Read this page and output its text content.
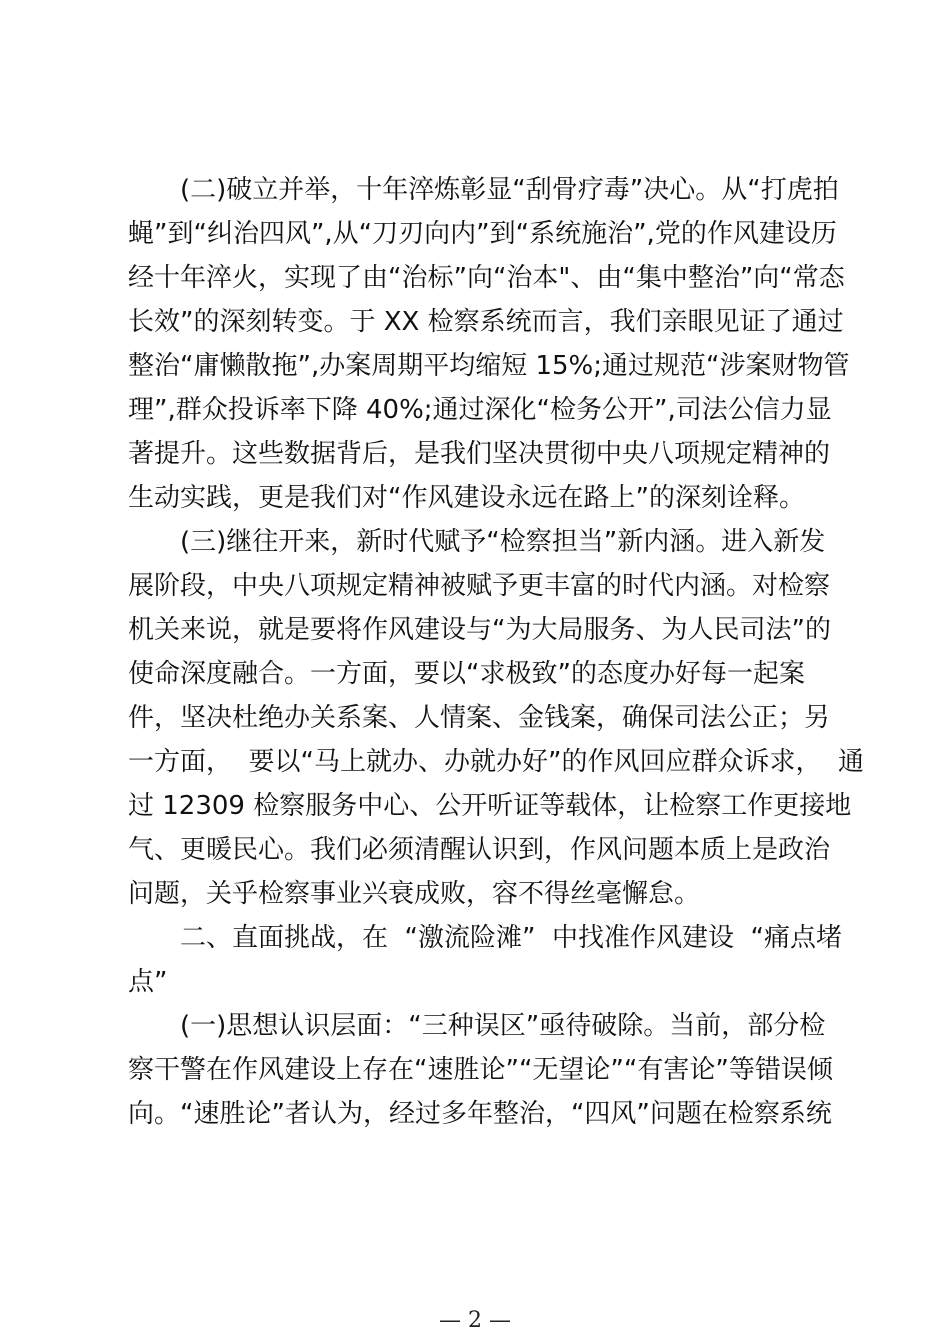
(二)破立并举，十年淬炼彰显“刮骨疗毒”决心。从“打虎拍
蝇”到“纠治四风”,从“刀刃向内”到“系统施治”,党的作风建设历
经十年淬火，实现了由“治标”向“治本"、由“集中整治”向“常态
长效”的深刻转变。于 XX 检察系统而言，我们亲眼见证了通过
整治“庸懒散拖”,办案周期平均缩短 15%;通过规范“涉案财物管
理”,群众投诉率下降 40%;通过深化“检务公开”,司法公信力显
著提升。这些数据背后，是我们坚决贯彻中央八项规定精神的
生动实践，更是我们对“作风建设永远在路上”的深刻诠释。
(三)继往开来，新时代赋予“检察担当”新内涵。进入新发
展阶段，中央八项规定精神被赋予更丰富的时代内涵。对检察
机关来说，就是要将作风建设与“为大局服务、为人民司法”的
使命深度融合。一方面，要以“求极致”的态度办好每一起案
件，坚决杜绝办关系案、人情案、金钱案，确保司法公正；另
一方面，  要以“马上就办、办就办好”的作风回应群众诉求，  通
过 12309 检察服务中心、公开听证等载体，让检察工作更接地
气、更暖民心。我们必须清醒认识到，作风问题本质上是政治
问题，关乎检察事业兴衰成败，容不得丝毫懈怠。
二、直面挑战，在  “激流险滩”  中找准作风建设  “痛点堵
点”
(一)思想认识层面：“三种误区”亟待破除。当前，部分检
察干警在作风建设上存在“速胜论”“无望论”“有害论”等错误倾
向。“速胜论”者认为，经过多年整治，“四风”问题在检察系统
— 2 —
